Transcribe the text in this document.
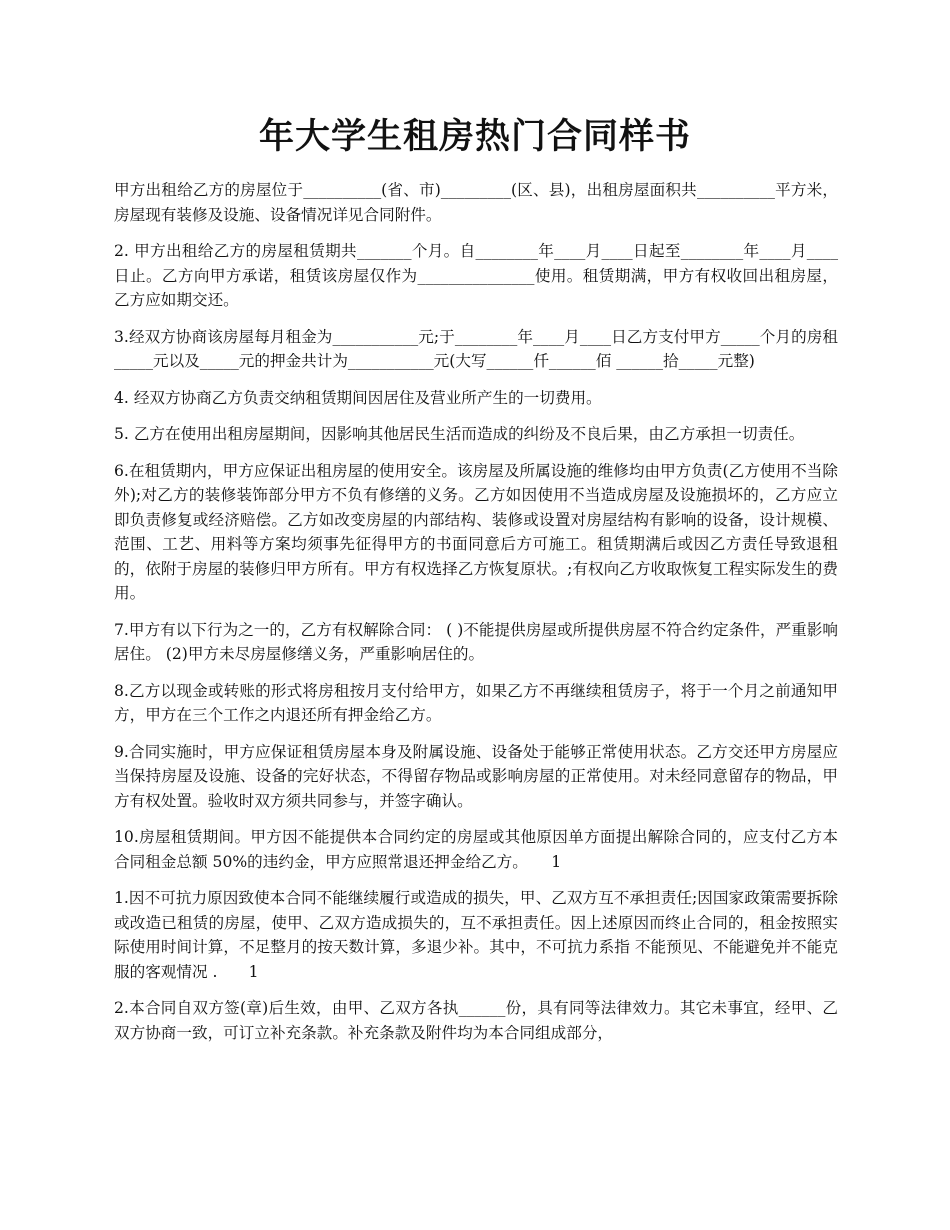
年大学生租房热门合同样书

甲方出租给乙方的房屋位于__________(省、市)_________(区、县)，出租房屋面积共__________平方米，房屋现有装修及设施、设备情况详见合同附件。

2. 甲方出租给乙方的房屋租赁期共_______个月。自________年____月____日起至________年____月____日止。乙方向甲方承诺，租赁该房屋仅作为_______________使用。租赁期满，甲方有权收回出租房屋，乙方应如期交还。

3.经双方协商该房屋每月租金为___________元;于________年____月____日乙方支付甲方_____个月的房租 _____元以及_____元的押金共计为___________元(大写______仟______佰 ______拾_____元整)

4. 经双方协商乙方负责交纳租赁期间因居住及营业所产生的一切费用。

5. 乙方在使用出租房屋期间，因影响其他居民生活而造成的纠纷及不良后果，由乙方承担一切责任。

6.在租赁期内，甲方应保证出租房屋的使用安全。该房屋及所属设施的维修均由甲方负责(乙方使用不当除外);对乙方的装修装饰部分甲方不负有修缮的义务。乙方如因使用不当造成房屋及设施损坏的，乙方应立即负责修复或经济赔偿。乙方如改变房屋的内部结构、装修或设置对房屋结构有影响的设备，设计规模、范围、工艺、用料等方案均须事先征得甲方的书面同意后方可施工。租赁期满后或因乙方责任导致退租的，依附于房屋的装修归甲方所有。甲方有权选择乙方恢复原状。;有权向乙方收取恢复工程实际发生的费用。

7.甲方有以下行为之一的，乙方有权解除合同： ( )不能提供房屋或所提供房屋不符合约定条件，严重影响居住。 (2)甲方未尽房屋修缮义务，严重影响居住的。

8.乙方以现金或转账的形式将房租按月支付给甲方，如果乙方不再继续租赁房子，将于一个月之前通知甲方，甲方在三个工作之内退还所有押金给乙方。

9.合同实施时，甲方应保证租赁房屋本身及附属设施、设备处于能够正常使用状态。乙方交还甲方房屋应当保持房屋及设施、设备的完好状态，不得留存物品或影响房屋的正常使用。对未经同意留存的物品，甲方有权处置。验收时双方须共同参与，并签字确认。

10.房屋租赁期间。甲方因不能提供本合同约定的房屋或其他原因单方面提出解除合同的，应支付乙方本合同租金总额 50%的违约金，甲方应照常退还押金给乙方。　　1

1.因不可抗力原因致使本合同不能继续履行或造成的损失，甲、乙双方互不承担责任;因国家政策需要拆除或改造已租赁的房屋，使甲、乙双方造成损失的，互不承担责任。因上述原因而终止合同的，租金按照实际使用时间计算，不足整月的按天数计算，多退少补。其中，不可抗力系指 不能预见、不能避免并不能克服的客观情况 .　　1

2.本合同自双方签(章)后生效，由甲、乙双方各执______份，具有同等法律效力。其它未事宜，经甲、乙双方协商一致，可订立补充条款。补充条款及附件均为本合同组成部分，
